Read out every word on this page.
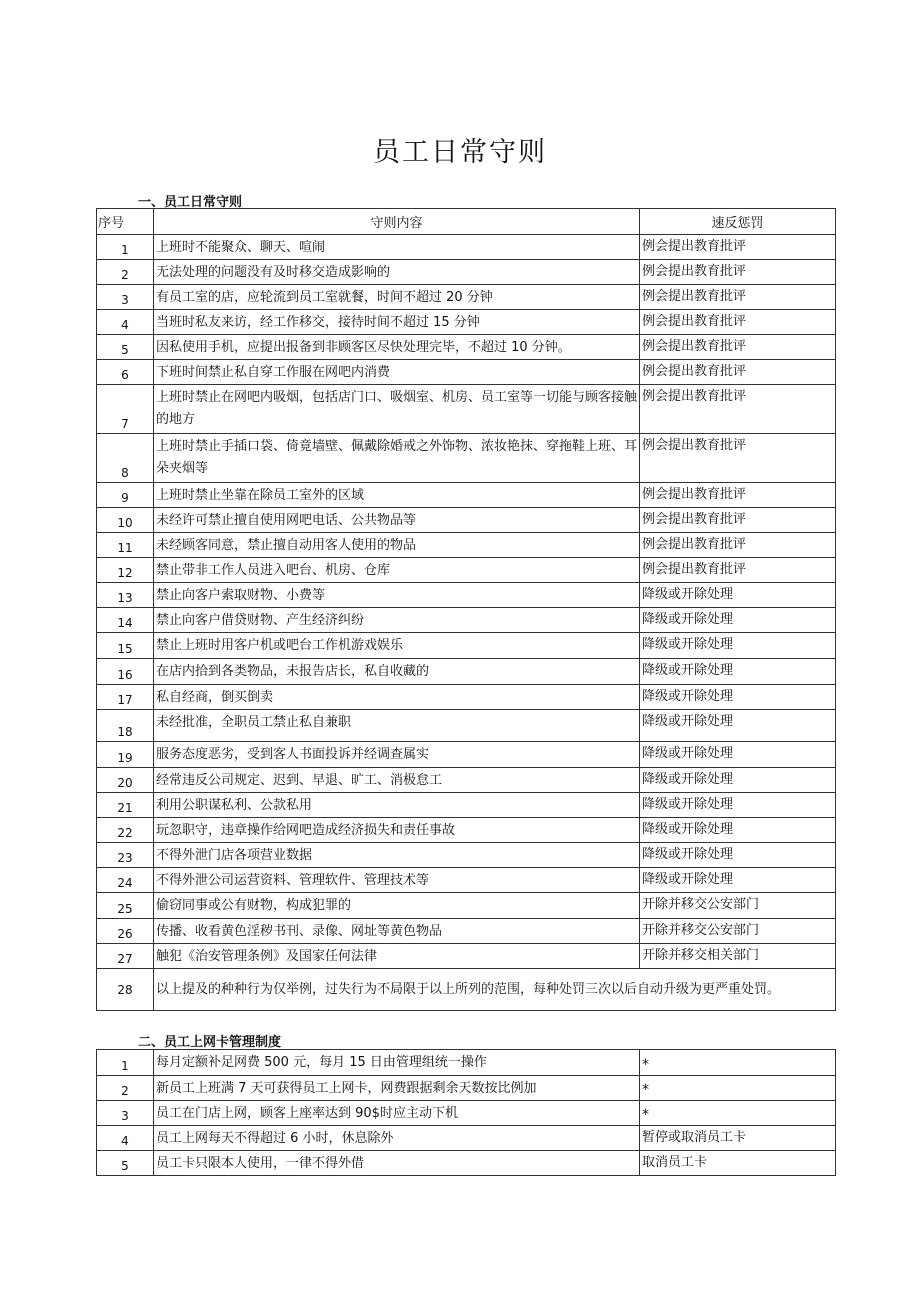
员工日常守则
一、员工日常守则
序号	守则内容	速反惩罚
1	上班时不能聚众、聊天、喧闹	例会提出教育批评
2	无法处理的问题没有及时移交造成影响的	例会提出教育批评
3	有员工室的店，应轮流到员工室就餐，时间不超过 20 分钟	例会提出教育批评
4	当班时私友来访，经工作移交，接待时间不超过 15 分钟	例会提出教育批评
5	因私使用手机，应提出报备到非顾客区尽快处理完毕，不超过 10 分钟。	例会提出教育批评
6	下班时间禁止私自穿工作服在网吧内消费	例会提出教育批评
7	上班时禁止在网吧内吸烟，包括店门口、吸烟室、机房、员工室等一切能与顾客接触的地方	例会提出教育批评
8	上班时禁止手插口袋、倚竟墙壁、佩戴除婚戒之外饰物、浓妆艳抹、穿拖鞋上班、耳朵夹烟等	例会提出教育批评
9	上班时禁止坐靠在除员工室外的区域	例会提出教育批评
10	未经许可禁止擅自使用网吧电话、公共物品等	例会提出教育批评
11	未经顾客同意，禁止擅自动用客人使用的物品	例会提出教育批评
12	禁止带非工作人员进入吧台、机房、仓库	例会提出教育批评
13	禁止向客户索取财物、小费等	降级或开除处理
14	禁止向客户借贷财物、产生经济纠纷	降级或开除处理
15	禁止上班时用客户机或吧台工作机游戏娱乐	降级或开除处理
16	在店内拾到各类物品，未报告店长，私自收藏的	降级或开除处理
17	私自经商，倒买倒卖	降级或开除处理
18	未经批准，全职员工禁止私自兼职	降级或开除处理
19	服务态度恶劣，受到客人书面投诉并经调查属实	降级或开除处理
20	经常违反公司规定、迟到、早退、旷工、消极怠工	降级或开除处理
21	利用公职谋私利、公款私用	降级或开除处理
22	玩忽职守，违章操作给网吧造成经济损失和责任事故	降级或开除处理
23	不得外泄门店各项营业数据	降级或开除处理
24	不得外泄公司运营资料、管理软件、管理技术等	降级或开除处理
25	偷窃同事或公有财物，构成犯罪的	开除并移交公安部门
26	传播、收看黄色淫秽书刊、录像、网址等黄色物品	开除并移交公安部门
27	触犯《治安管理条例》及国家任何法律	开除并移交相关部门
28	以上提及的种种行为仅举例，过失行为不局限于以上所列的范围，每种处罚三次以后自动升级为更严重处罚。	
二、员工上网卡管理制度
1	每月定额补足网费 500 元，每月 15 日由管理组统一操作	*
2	新员工上班满 7 天可获得员工上网卡，网费跟据剩余天数按比例加	*
3	员工在门店上网，顾客上座率达到 90$时应主动下机	*
4	员工上网每天不得超过 6 小时，休息除外	暂停或取消员工卡
5	员工卡只限本人使用，一律不得外借	取消员工卡
